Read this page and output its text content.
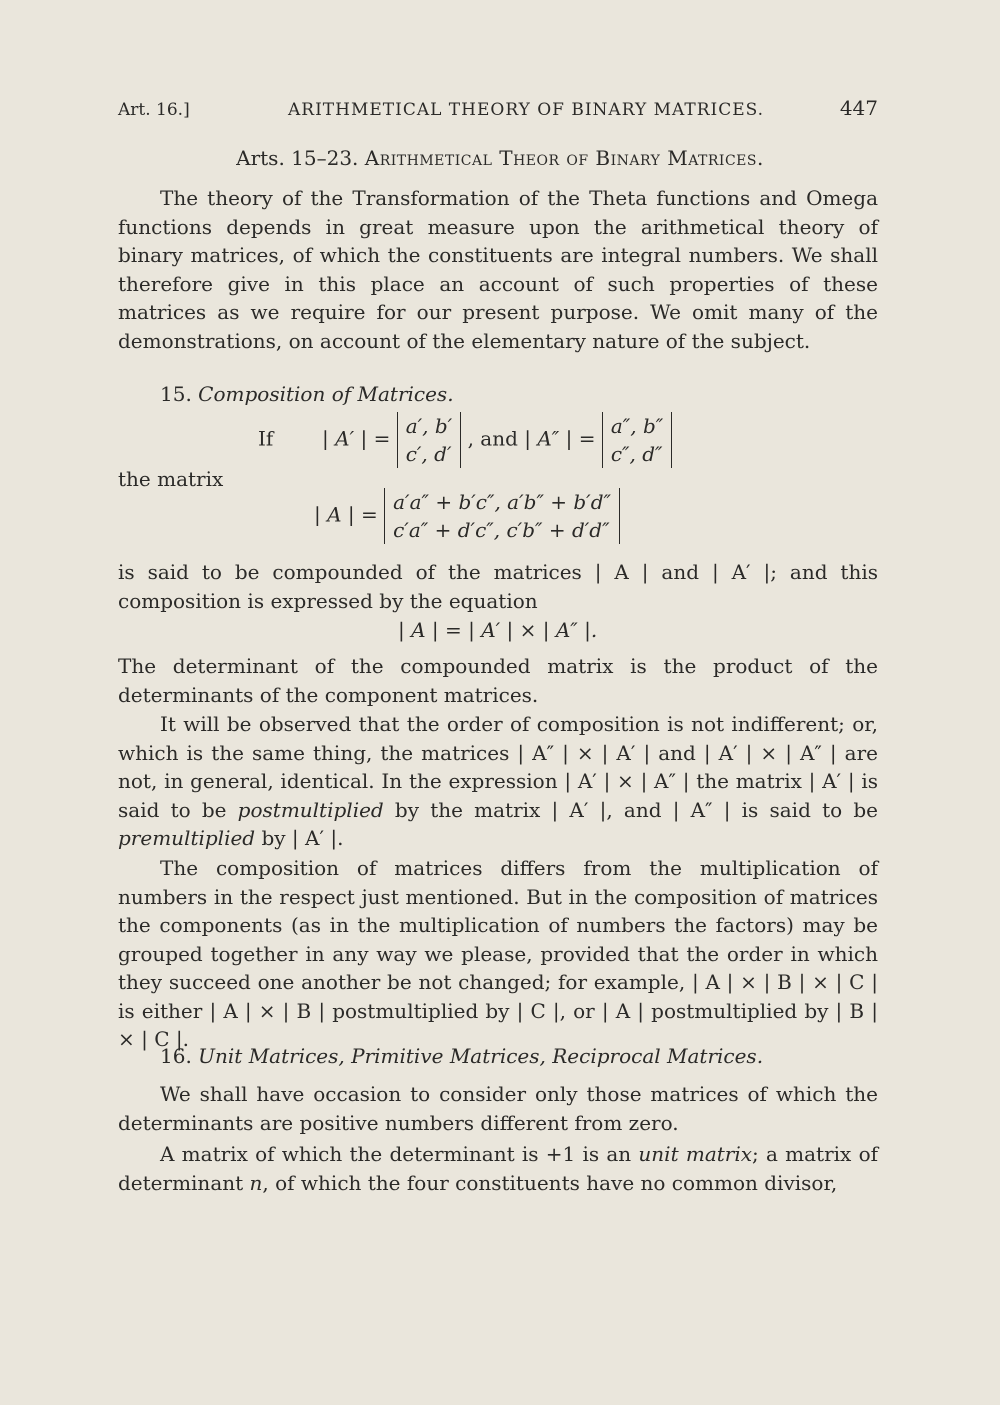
Art. 16.]	ARITHMETICAL THEORY OF BINARY MATRICES.	447
Arts. 15–23. Arithmetical Theor of Binary Matrices.
The theory of the Transformation of the Theta functions and Omega functions depends in great measure upon the arithmetical theory of binary matrices, of which the constituents are integral numbers. We shall therefore give in this place an account of such properties of these matrices as we require for our present purpose. We omit many of the demonstrations, on account of the elementary nature of the subject.
15. Composition of Matrices.
If | A′ | =
a′, b′
c′, d′
, and | A″ | =
a″, b″
c″, d″
the matrix
| A | =
a′a″ + b′c″, a′b″ + b′d″
c′a″ + d′c″, c′b″ + d′d″
is said to be compounded of the matrices | A | and | A′ |; and this composition is expressed by the equation
| A | = | A′ | × | A″ |.
The determinant of the compounded matrix is the product of the determinants of the component matrices.
It will be observed that the order of composition is not indifferent; or, which is the same thing, the matrices | A″ | × | A′ | and | A′ | × | A″ | are not, in general, identical. In the expression | A′ | × | A″ | the matrix | A′ | is said to be postmultiplied by the matrix | A′ |, and | A″ | is said to be premultiplied by | A′ |.
The composition of matrices differs from the multiplication of numbers in the respect just mentioned. But in the composition of matrices the components (as in the multiplication of numbers the factors) may be grouped together in any way we please, provided that the order in which they succeed one another be not changed; for example, | A | × | B | × | C | is either | A | × | B | postmultiplied by | C |, or | A | postmultiplied by | B | × | C |.
16. Unit Matrices, Primitive Matrices, Reciprocal Matrices.
We shall have occasion to consider only those matrices of which the determinants are positive numbers different from zero.
A matrix of which the determinant is +1 is an unit matrix; a matrix of determinant n, of which the four constituents have no common divisor,
